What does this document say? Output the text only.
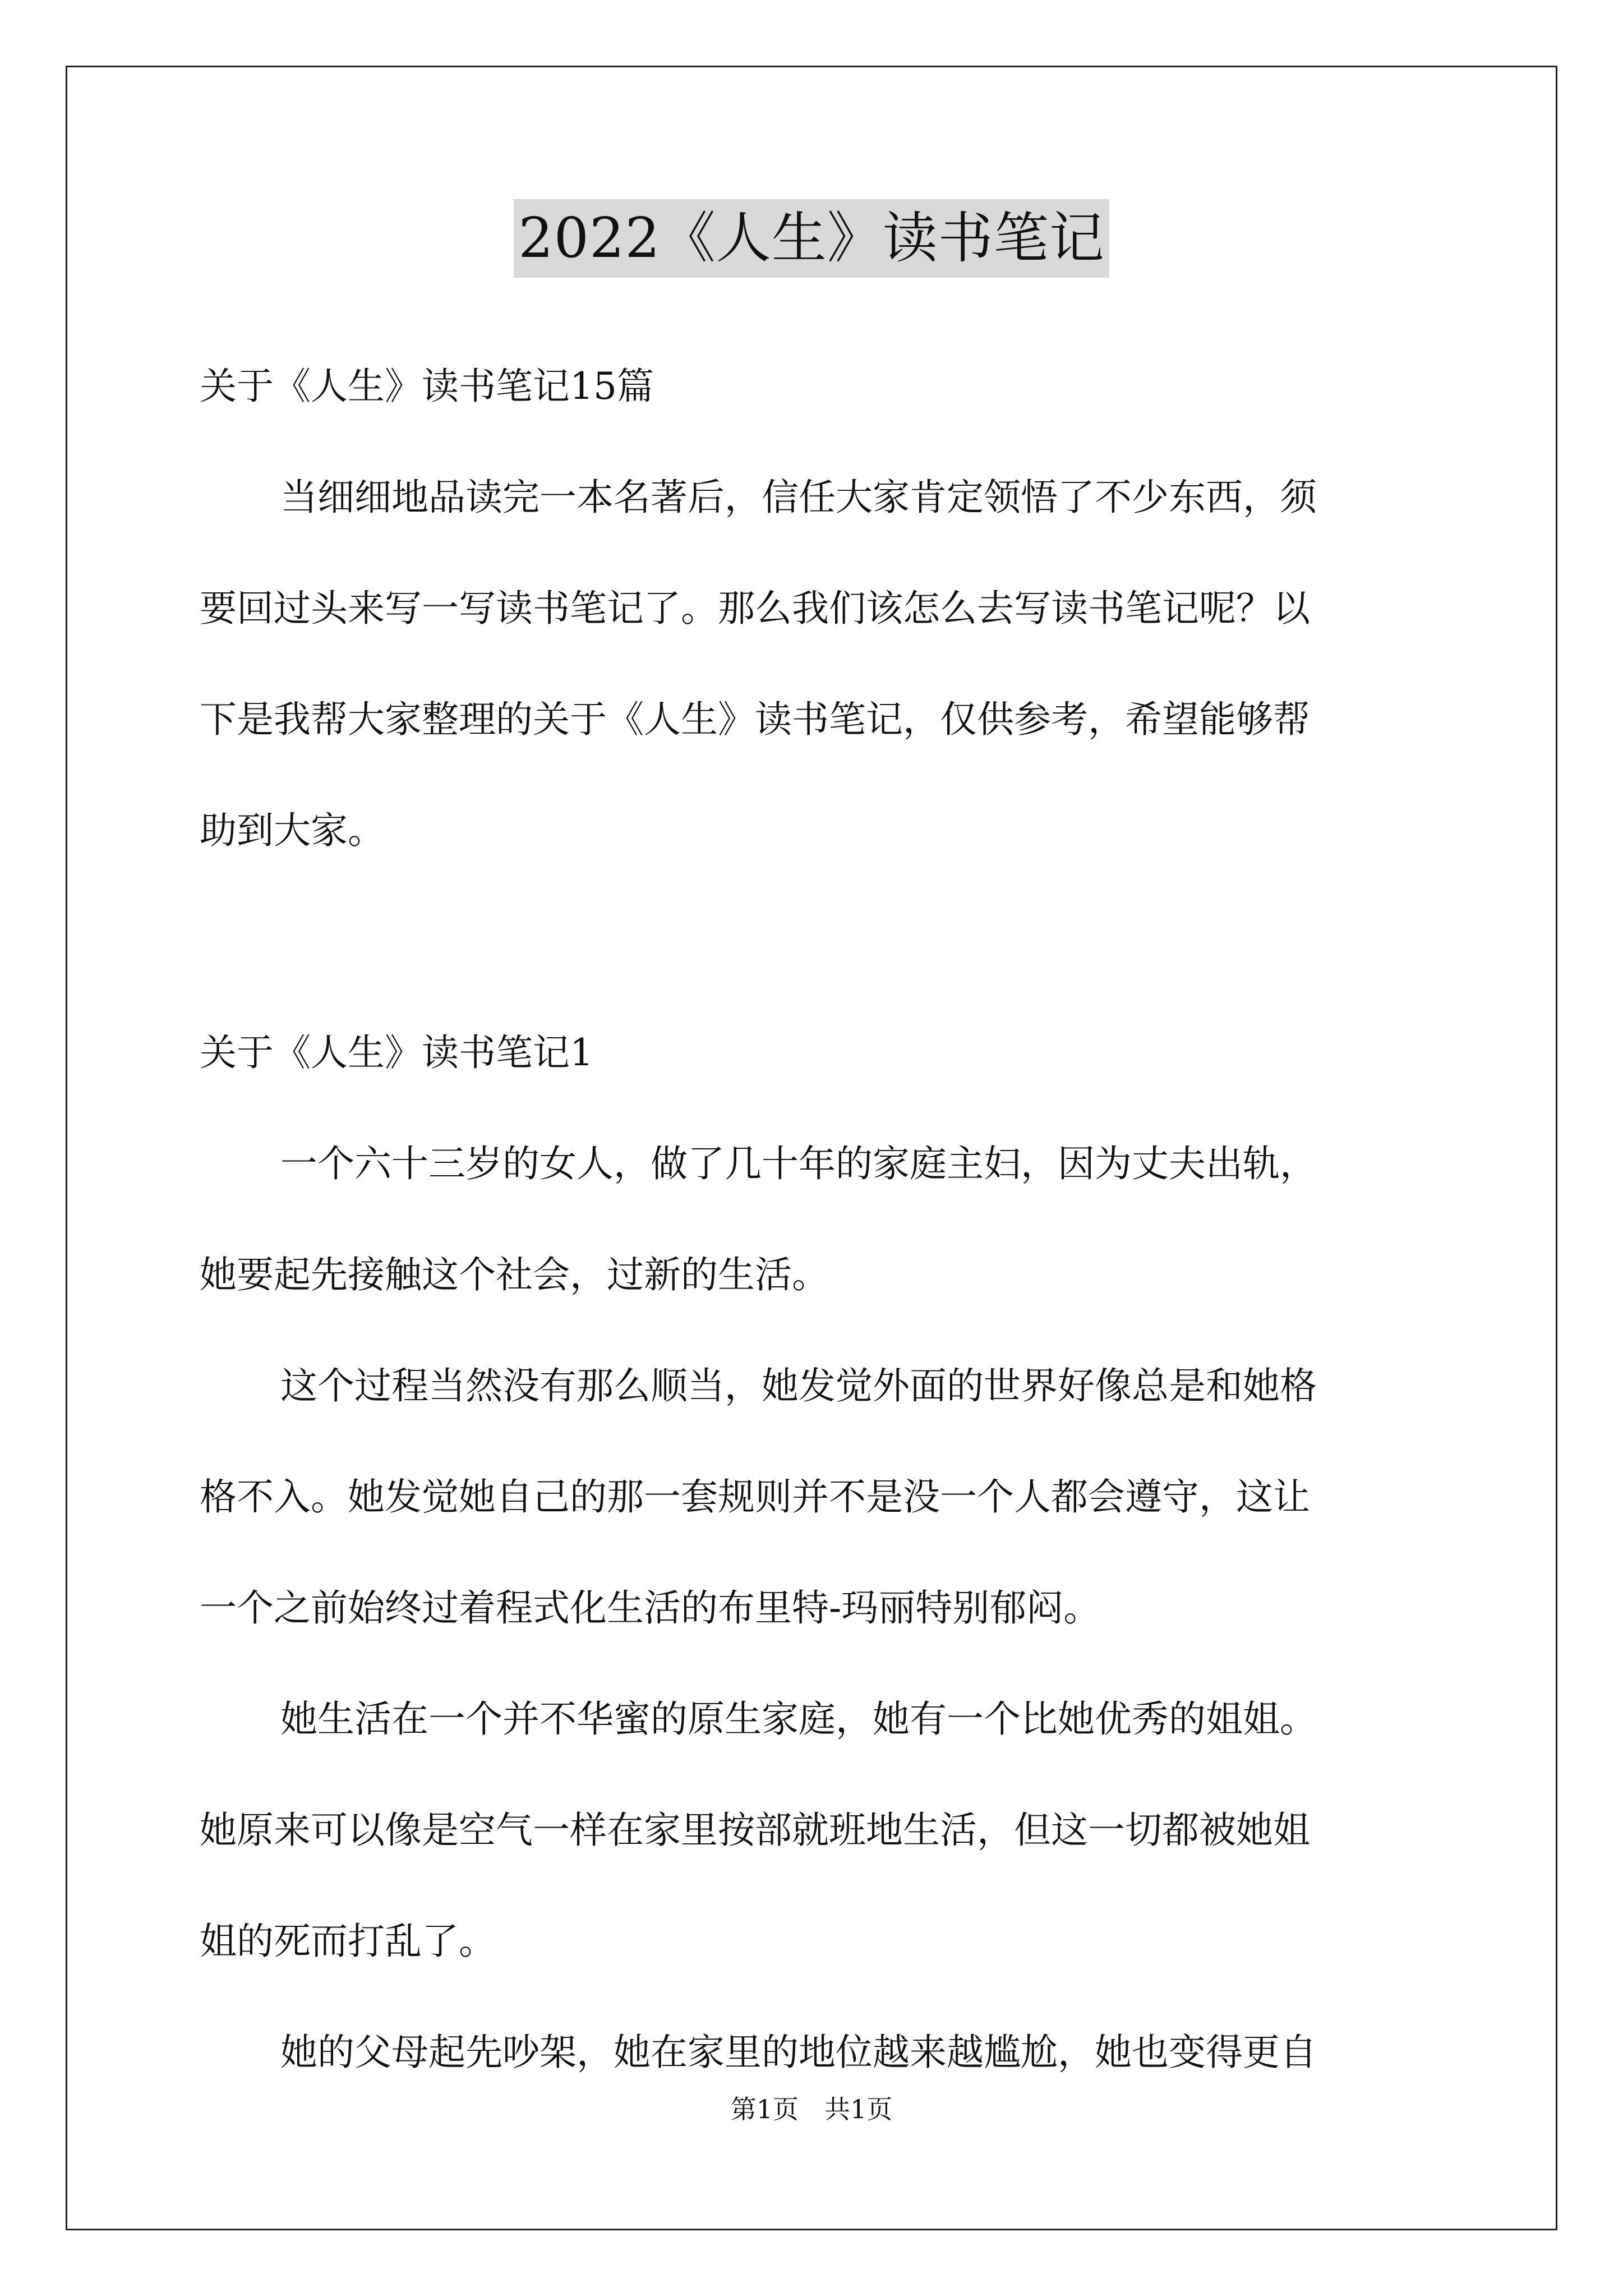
2022《人生》读书笔记

关于《人生》读书笔记15篇

当细细地品读完一本名著后，信任大家肯定领悟了不少东西，须

要回过头来写一写读书笔记了。那么我们该怎么去写读书笔记呢？以

下是我帮大家整理的关于《人生》读书笔记，仅供参考，希望能够帮

助到大家。

关于《人生》读书笔记1

一个六十三岁的女人，做了几十年的家庭主妇，因为丈夫出轨，

她要起先接触这个社会，过新的生活。

这个过程当然没有那么顺当，她发觉外面的世界好像总是和她格

格不入。她发觉她自己的那一套规则并不是没一个人都会遵守，这让

一个之前始终过着程式化生活的布里特-玛丽特别郁闷。

她生活在一个并不华蜜的原生家庭，她有一个比她优秀的姐姐。

她原来可以像是空气一样在家里按部就班地生活，但这一切都被她姐

姐的死而打乱了。

她的父母起先吵架，她在家里的地位越来越尴尬，她也变得更自

第1页　共1页
